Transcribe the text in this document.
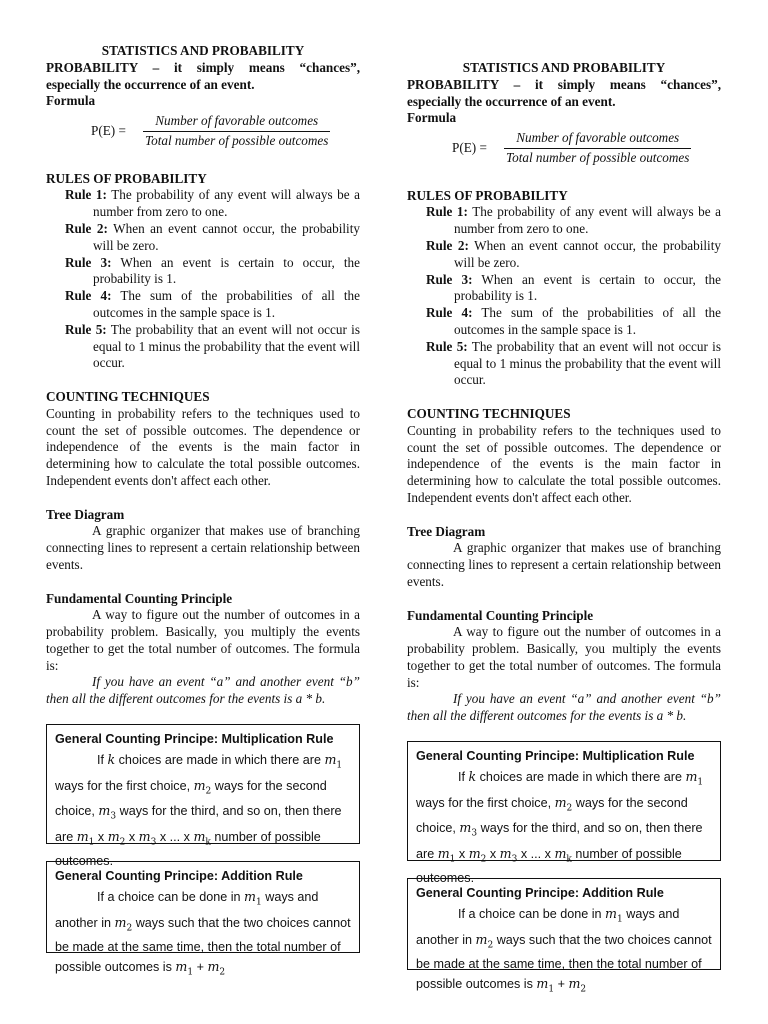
STATISTICS AND PROBABILITY
PROBABILITY – it simply means “chances”, especially the occurrence of an event.
Formula
P(E) =	$\frac{\text{Number of favorable outcomes}}{\text{Total number of possible outcomes}}$
RULES OF PROBABILITY
Rule 1: The probability of any event will always be a number from zero to one.
Rule 2: When an event cannot occur, the probability will be zero.
Rule 3: When an event is certain to occur, the probability is 1.
Rule 4: The sum of the probabilities of all the outcomes in the sample space is 1.
Rule 5: The probability that an event will not occur is equal to 1 minus the probability that the event will occur.
COUNTING TECHNIQUES
Counting in probability refers to the techniques used to count the set of possible outcomes. The dependence or independence of the events is the main factor in determining how to calculate the total possible outcomes. Independent events don't affect each other.
Tree Diagram
A graphic organizer that makes use of branching connecting lines to represent a certain relationship between events.
Fundamental Counting Principle
A way to figure out the number of outcomes in a probability problem. Basically, you multiply the events together to get the total number of outcomes. The formula is:
If you have an event “a” and another event “b” then all the different outcomes for the events is a * b.
General Counting Principe: Multiplication Rule
If k choices are made in which there are $m_1$ ways for the first choice, $m_2$ ways for the second choice, $m_3$ ways for the third, and so on, then there are $m_1$ x $m_2$ x $m_3$ x ... x $m_k$ number of possible outcomes.
General Counting Principe: Addition Rule
If a choice can be done in $m_1$ ways and another in $m_2$ ways such that the two choices cannot be made at the same time, then the total number of possible outcomes is $m_1 + m_2$
STATISTICS AND PROBABILITY
PROBABILITY – it simply means “chances”, especially the occurrence of an event.
Formula
P(E) =	$\frac{\text{Number of favorable outcomes}}{\text{Total number of possible outcomes}}$
RULES OF PROBABILITY
Rule 1: The probability of any event will always be a number from zero to one.
Rule 2: When an event cannot occur, the probability will be zero.
Rule 3: When an event is certain to occur, the probability is 1.
Rule 4: The sum of the probabilities of all the outcomes in the sample space is 1.
Rule 5: The probability that an event will not occur is equal to 1 minus the probability that the event will occur.
COUNTING TECHNIQUES
Counting in probability refers to the techniques used to count the set of possible outcomes. The dependence or independence of the events is the main factor in determining how to calculate the total possible outcomes. Independent events don't affect each other.
Tree Diagram
A graphic organizer that makes use of branching connecting lines to represent a certain relationship between events.
Fundamental Counting Principle
A way to figure out the number of outcomes in a probability problem. Basically, you multiply the events together to get the total number of outcomes. The formula is:
If you have an event “a” and another event “b” then all the different outcomes for the events is a * b.
General Counting Principe: Multiplication Rule
If k choices are made in which there are $m_1$ ways for the first choice, $m_2$ ways for the second choice, $m_3$ ways for the third, and so on, then there are $m_1$ x $m_2$ x $m_3$ x ... x $m_k$ number of possible outcomes.
General Counting Principe: Addition Rule
If a choice can be done in $m_1$ ways and another in $m_2$ ways such that the two choices cannot be made at the same time, then the total number of possible outcomes is $m_1 + m_2$
